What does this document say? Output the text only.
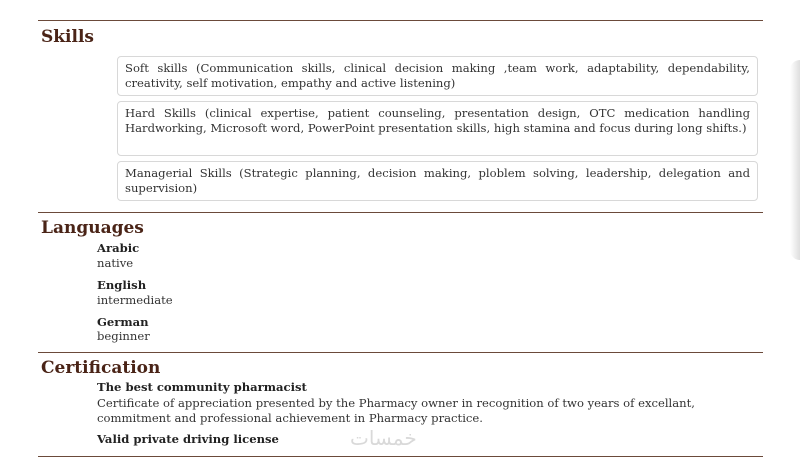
Skills
Soft skills (Communication skills, clinical decision making ,team work, adaptability, dependability, creativity, self motivation, empathy and active listening)
Hard Skills (clinical expertise, patient counseling, presentation design, OTC medication handling Hardworking, Microsoft word, PowerPoint presentation skills, high stamina and focus during long shifts.)
Managerial Skills (Strategic planning, decision making, ploblem solving, leadership, delegation and supervision)
Languages
Arabic
native
English
intermediate
German
beginner
Certification
The best community pharmacist
Certificate of appreciation presented by the Pharmacy owner in recognition of two years of excellant, commitment and professional achievement in Pharmacy practice.
Valid private driving license	خمسات
